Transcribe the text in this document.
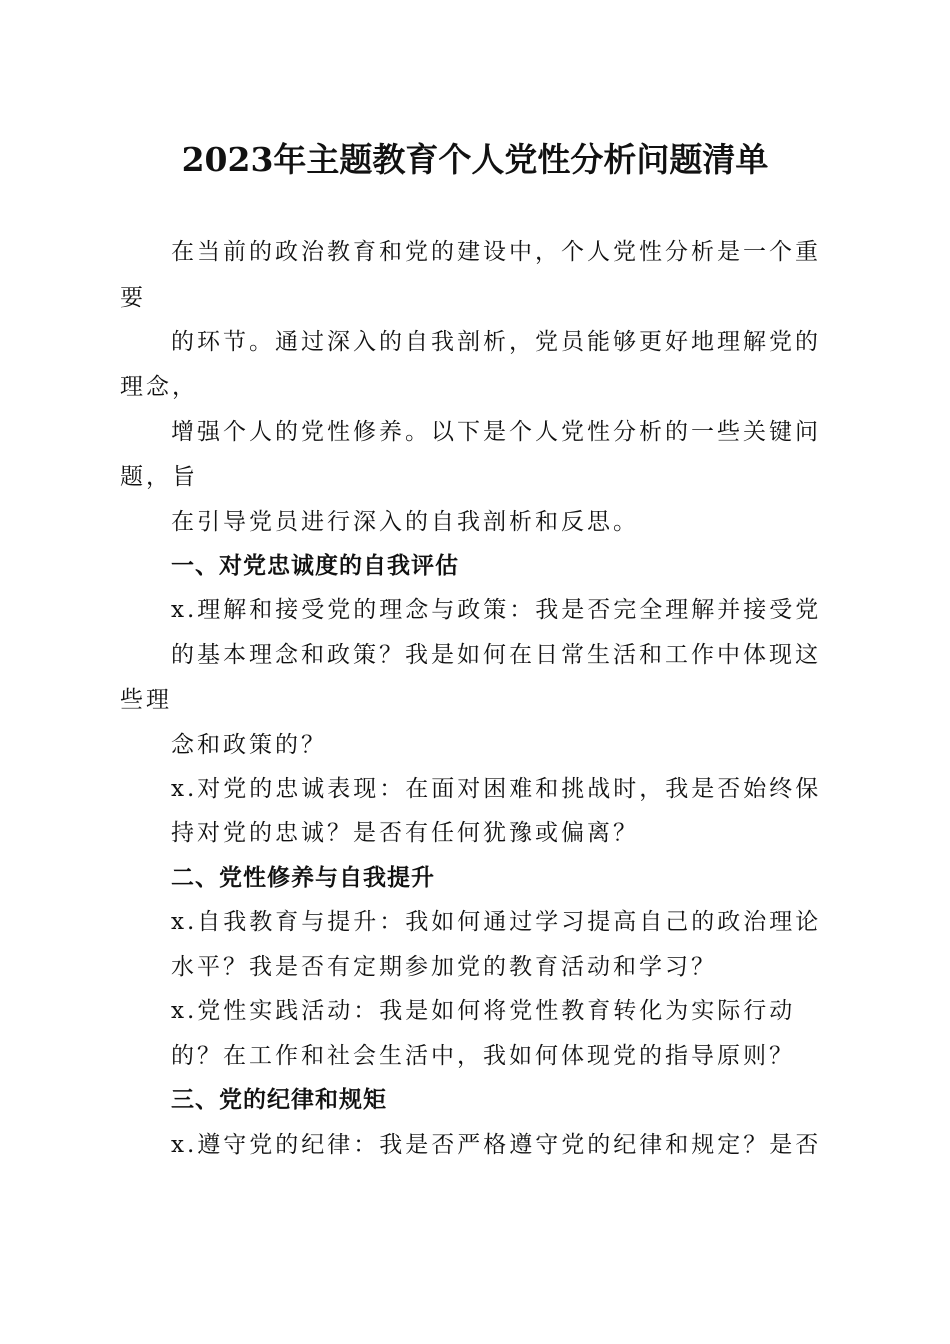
2023年主题教育个人党性分析问题清单
在当前的政治教育和党的建设中，个人党性分析是一个重
要
的环节。通过深入的自我剖析，党员能够更好地理解党的
理念，
增强个人的党性修养。以下是个人党性分析的一些关键问
题，旨
在引导党员进行深入的自我剖析和反思。
一、对党忠诚度的自我评估
x.理解和接受党的理念与政策：我是否完全理解并接受党
的基本理念和政策？我是如何在日常生活和工作中体现这
些理
念和政策的？
x.对党的忠诚表现：在面对困难和挑战时，我是否始终保
持对党的忠诚？是否有任何犹豫或偏离？
二、党性修养与自我提升
x.自我教育与提升：我如何通过学习提高自己的政治理论
水平？我是否有定期参加党的教育活动和学习？
x.党性实践活动：我是如何将党性教育转化为实际行动
的？在工作和社会生活中，我如何体现党的指导原则？
三、党的纪律和规矩
x.遵守党的纪律：我是否严格遵守党的纪律和规定？是否
